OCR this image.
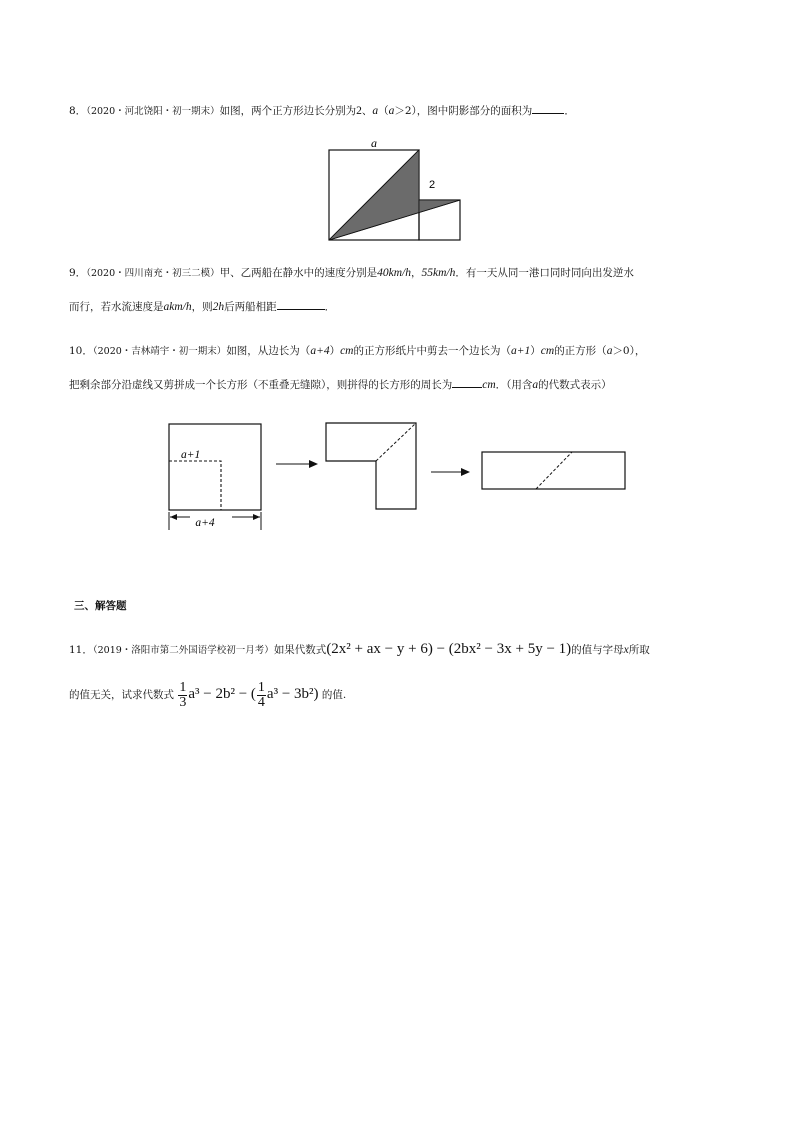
8．（2020・河北饶阳・初一期末）如图，两个正方形边长分别为2、a（a＞2），图中阴影部分的面积为	．
a
2
9．（2020・四川南充・初三二模）甲、乙两船在静水中的速度分别是40km/h，55km/h．有一天从同一港口同时同向出发逆水
而行，若水流速度是akm/h，则2h后两船相距	．
10．（2020・吉林靖宇・初一期末）如图，从边长为（a+4）cm的正方形纸片中剪去一个边长为（a+1）cm的正方形（a＞0），
把剩余部分沿虚线又剪拼成一个长方形（不重叠无缝隙），则拼得的长方形的周长为	cm．（用含a的代数式表示）
a+1
a+4
三、解答题
11．（2019・洛阳市第二外国语学校初一月考）如果代数式(2x² + ax − y + 6) − (2bx² − 3x + 5y − 1)的值与字母x所取
的值无关，试求代数式 $\frac{1}{3} a^3 - 2b^2$ − ( $\frac{1}{4} a^3 - 3b^2$) 的值.
